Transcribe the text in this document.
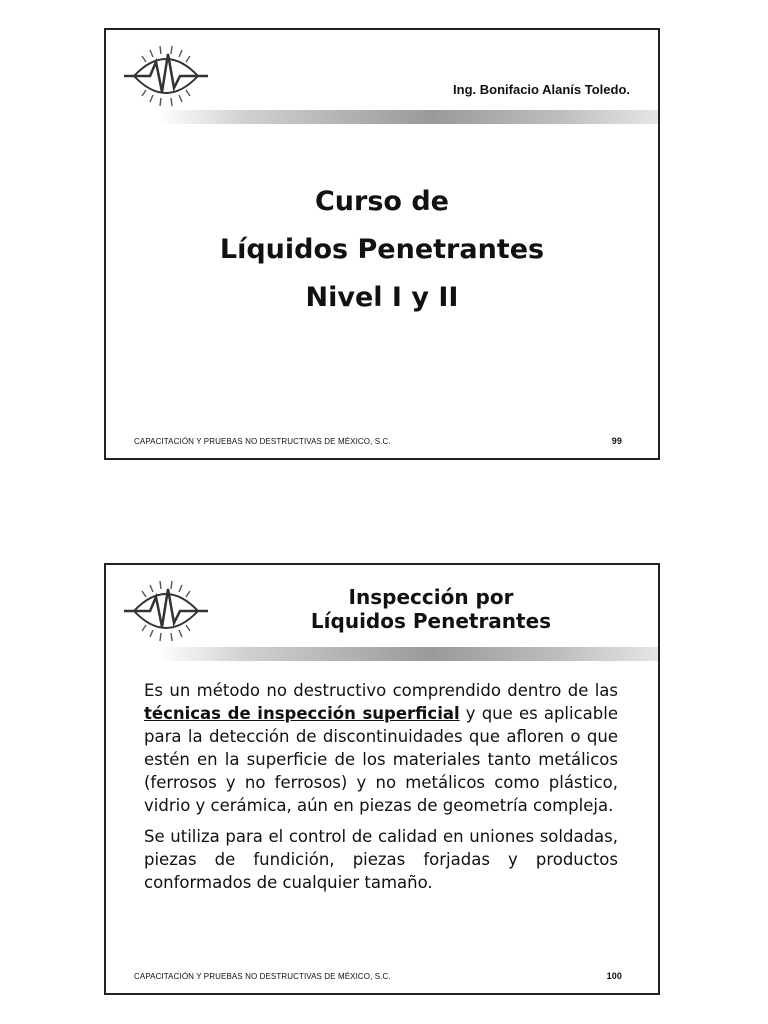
Ing. Bonifacio Alanís Toledo.
Curso de
Líquidos Penetrantes
Nivel I y II
CAPACITACIÓN Y PRUEBAS NO DESTRUCTIVAS DE MÉXICO, S.C.	99
Inspección por
Líquidos Penetrantes

Es un método no destructivo comprendido dentro de las técnicas de inspección superficial y que es aplicable para la detección de discontinuidades que afloren o que estén en la superficie de los materiales tanto metálicos (ferrosos y no ferrosos) y no metálicos como plástico, vidrio y cerámica, aún en piezas de geometría compleja.

Se utiliza para el control de calidad en uniones soldadas, piezas de fundición, piezas forjadas y productos conformados de cualquier tamaño.

CAPACITACIÓN Y PRUEBAS NO DESTRUCTIVAS DE MÉXICO, S.C.	100
